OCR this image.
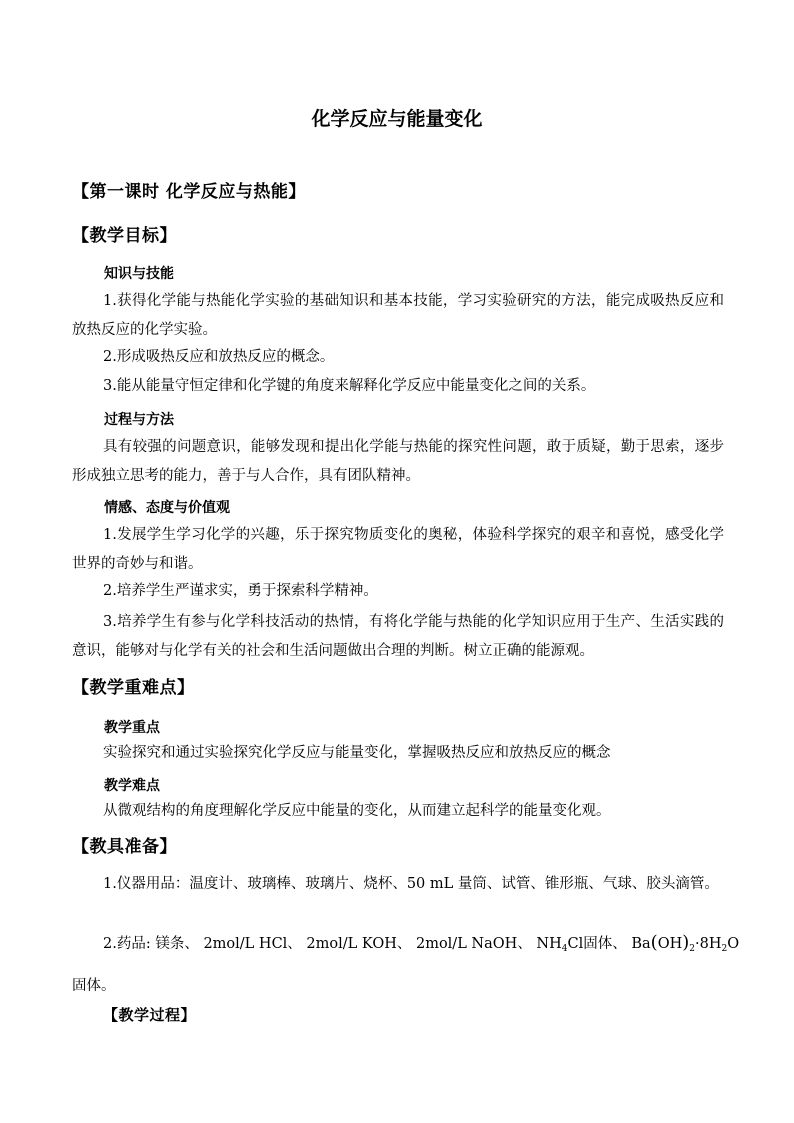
化学反应与能量变化
【第一课时 化学反应与热能】
【教学目标】
知识与技能
1.获得化学能与热能化学实验的基础知识和基本技能，学习实验研究的方法，能完成吸热反应和放热反应的化学实验。
2.形成吸热反应和放热反应的概念。
3.能从能量守恒定律和化学键的角度来解释化学反应中能量变化之间的关系。
过程与方法
具有较强的问题意识，能够发现和提出化学能与热能的探究性问题，敢于质疑，勤于思索，逐步形成独立思考的能力，善于与人合作，具有团队精神。
情感、态度与价值观
1.发展学生学习化学的兴趣，乐于探究物质变化的奥秘，体验科学探究的艰辛和喜悦，感受化学世界的奇妙与和谐。
2.培养学生严谨求实，勇于探索科学精神。
3.培养学生有参与化学科技活动的热情，有将化学能与热能的化学知识应用于生产、生活实践的意识，能够对与化学有关的社会和生活问题做出合理的判断。树立正确的能源观。
【教学重难点】
教学重点
实验探究和通过实验探究化学反应与能量变化，掌握吸热反应和放热反应的概念
教学难点
从微观结构的角度理解化学反应中能量的变化，从而建立起科学的能量变化观。
【教具准备】
1.仪器用品：温度计、玻璃棒、玻璃片、烧杯、50 mL 量筒、试管、锥形瓶、气球、胶头滴管。
2.药品: 镁条、 2mol/L HCl、 2mol/L KOH、 2mol/L NaOH、 $NH_4Cl$固体、 $Ba(OH)_2\cdot 8H_2O$
固体。
【教学过程】
